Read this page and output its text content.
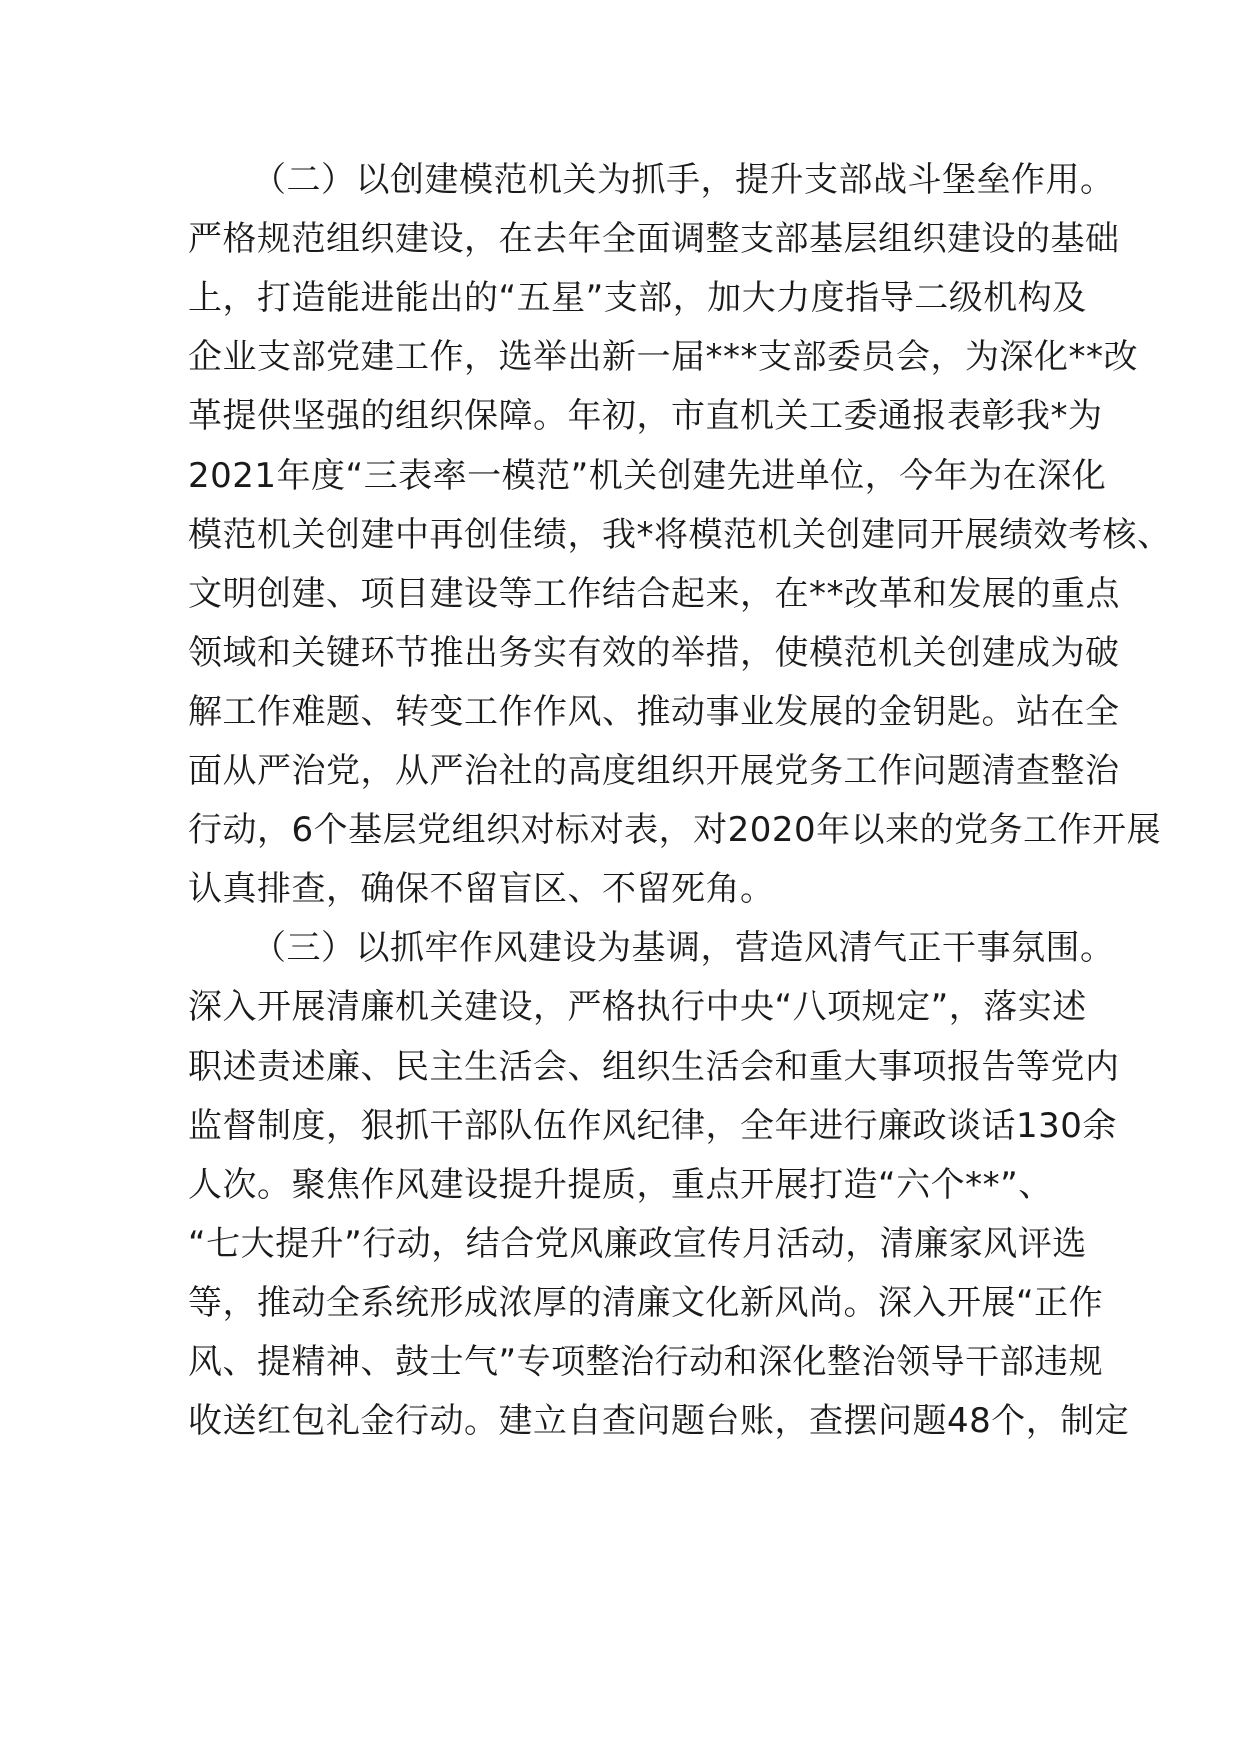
（二）以创建模范机关为抓手，提升支部战斗堡垒作用。
严格规范组织建设，在去年全面调整支部基层组织建设的基础
上，打造能进能出的“五星”支部，加大力度指导二级机构及
企业支部党建工作，选举出新一届***支部委员会，为深化**改
革提供坚强的组织保障。年初，市直机关工委通报表彰我*为
2021年度“三表率一模范”机关创建先进单位，今年为在深化
模范机关创建中再创佳绩，我*将模范机关创建同开展绩效考核、
文明创建、项目建设等工作结合起来，在**改革和发展的重点
领域和关键环节推出务实有效的举措，使模范机关创建成为破
解工作难题、转变工作作风、推动事业发展的金钥匙。站在全
面从严治党，从严治社的高度组织开展党务工作问题清查整治
行动，6个基层党组织对标对表，对2020年以来的党务工作开展
认真排查，确保不留盲区、不留死角。
（三）以抓牢作风建设为基调，营造风清气正干事氛围。
深入开展清廉机关建设，严格执行中央“八项规定”，落实述
职述责述廉、民主生活会、组织生活会和重大事项报告等党内
监督制度，狠抓干部队伍作风纪律，全年进行廉政谈话130余
人次。聚焦作风建设提升提质，重点开展打造“六个**”、
“七大提升”行动，结合党风廉政宣传月活动，清廉家风评选
等，推动全系统形成浓厚的清廉文化新风尚。深入开展“正作
风、提精神、鼓士气”专项整治行动和深化整治领导干部违规
收送红包礼金行动。建立自查问题台账，查摆问题48个，制定
